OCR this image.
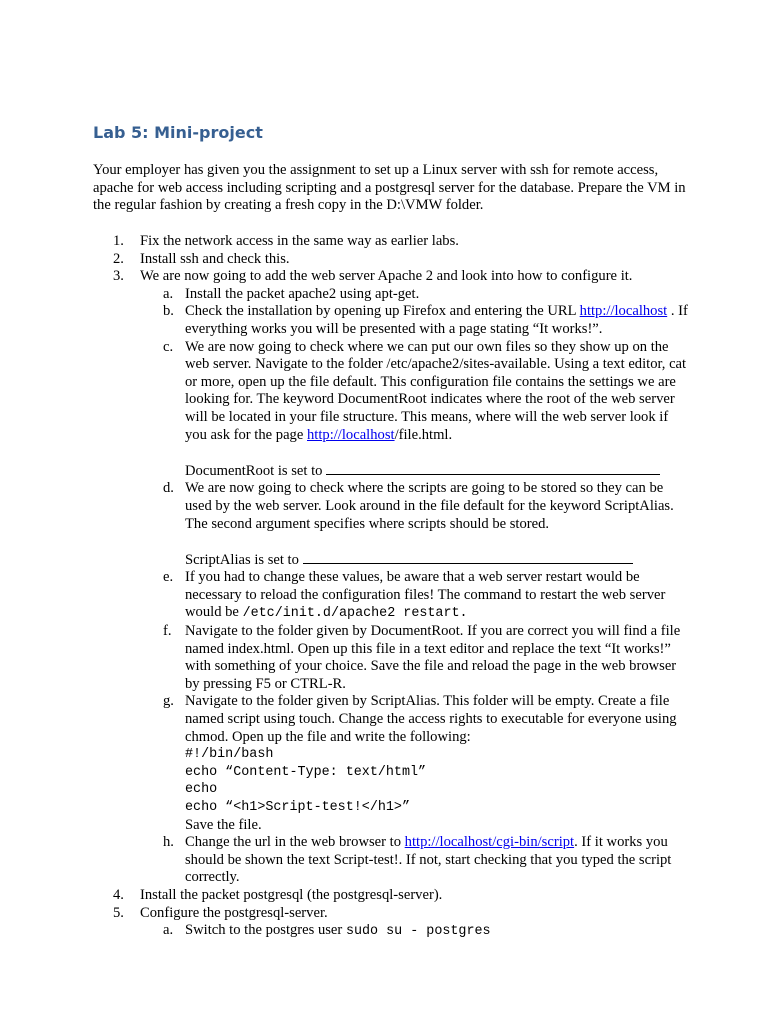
Lab 5: Mini-project

Your employer has given you the assignment to set up a Linux server with ssh for remote access, apache for web access including scripting and a postgresql server for the database. Prepare the VM in the regular fashion by creating a fresh copy in the D:\VMW folder.

1. Fix the network access in the same way as earlier labs.
2. Install ssh and check this.
3. We are now going to add the web server Apache 2 and look into how to configure it.
a. Install the packet apache2 using apt-get.
b. Check the installation by opening up Firefox and entering the URL http://localhost . If everything works you will be presented with a page stating “It works!”.
c. We are now going to check where we can put our own files so they show up on the web server. Navigate to the folder /etc/apache2/sites-available. Using a text editor, cat or more, open up the file default. This configuration file contains the settings we are looking for. The keyword DocumentRoot indicates where the root of the web server will be located in your file structure. This means, where will the web server look if you ask for the page http://localhost/file.html.
DocumentRoot is set to
d. We are now going to check where the scripts are going to be stored so they can be used by the web server. Look around in the file default for the keyword ScriptAlias. The second argument specifies where scripts should be stored.
ScriptAlias is set to
e. If you had to change these values, be aware that a web server restart would be necessary to reload the configuration files! The command to restart the web server would be /etc/init.d/apache2 restart.
f. Navigate to the folder given by DocumentRoot. If you are correct you will find a file named index.html. Open up this file in a text editor and replace the text “It works!” with something of your choice. Save the file and reload the page in the web browser by pressing F5 or CTRL-R.
g. Navigate to the folder given by ScriptAlias. This folder will be empty. Create a file named script using touch. Change the access rights to executable for everyone using chmod. Open up the file and write the following:
#!/bin/bash
echo “Content-Type: text/html”
echo
echo “<h1>Script-test!</h1>”
Save the file.
h. Change the url in the web browser to http://localhost/cgi-bin/script. If it works you should be shown the text Script-test!. If not, start checking that you typed the script correctly.
4. Install the packet postgresql (the postgresql-server).
5. Configure the postgresql-server.
a. Switch to the postgres user sudo su - postgres
